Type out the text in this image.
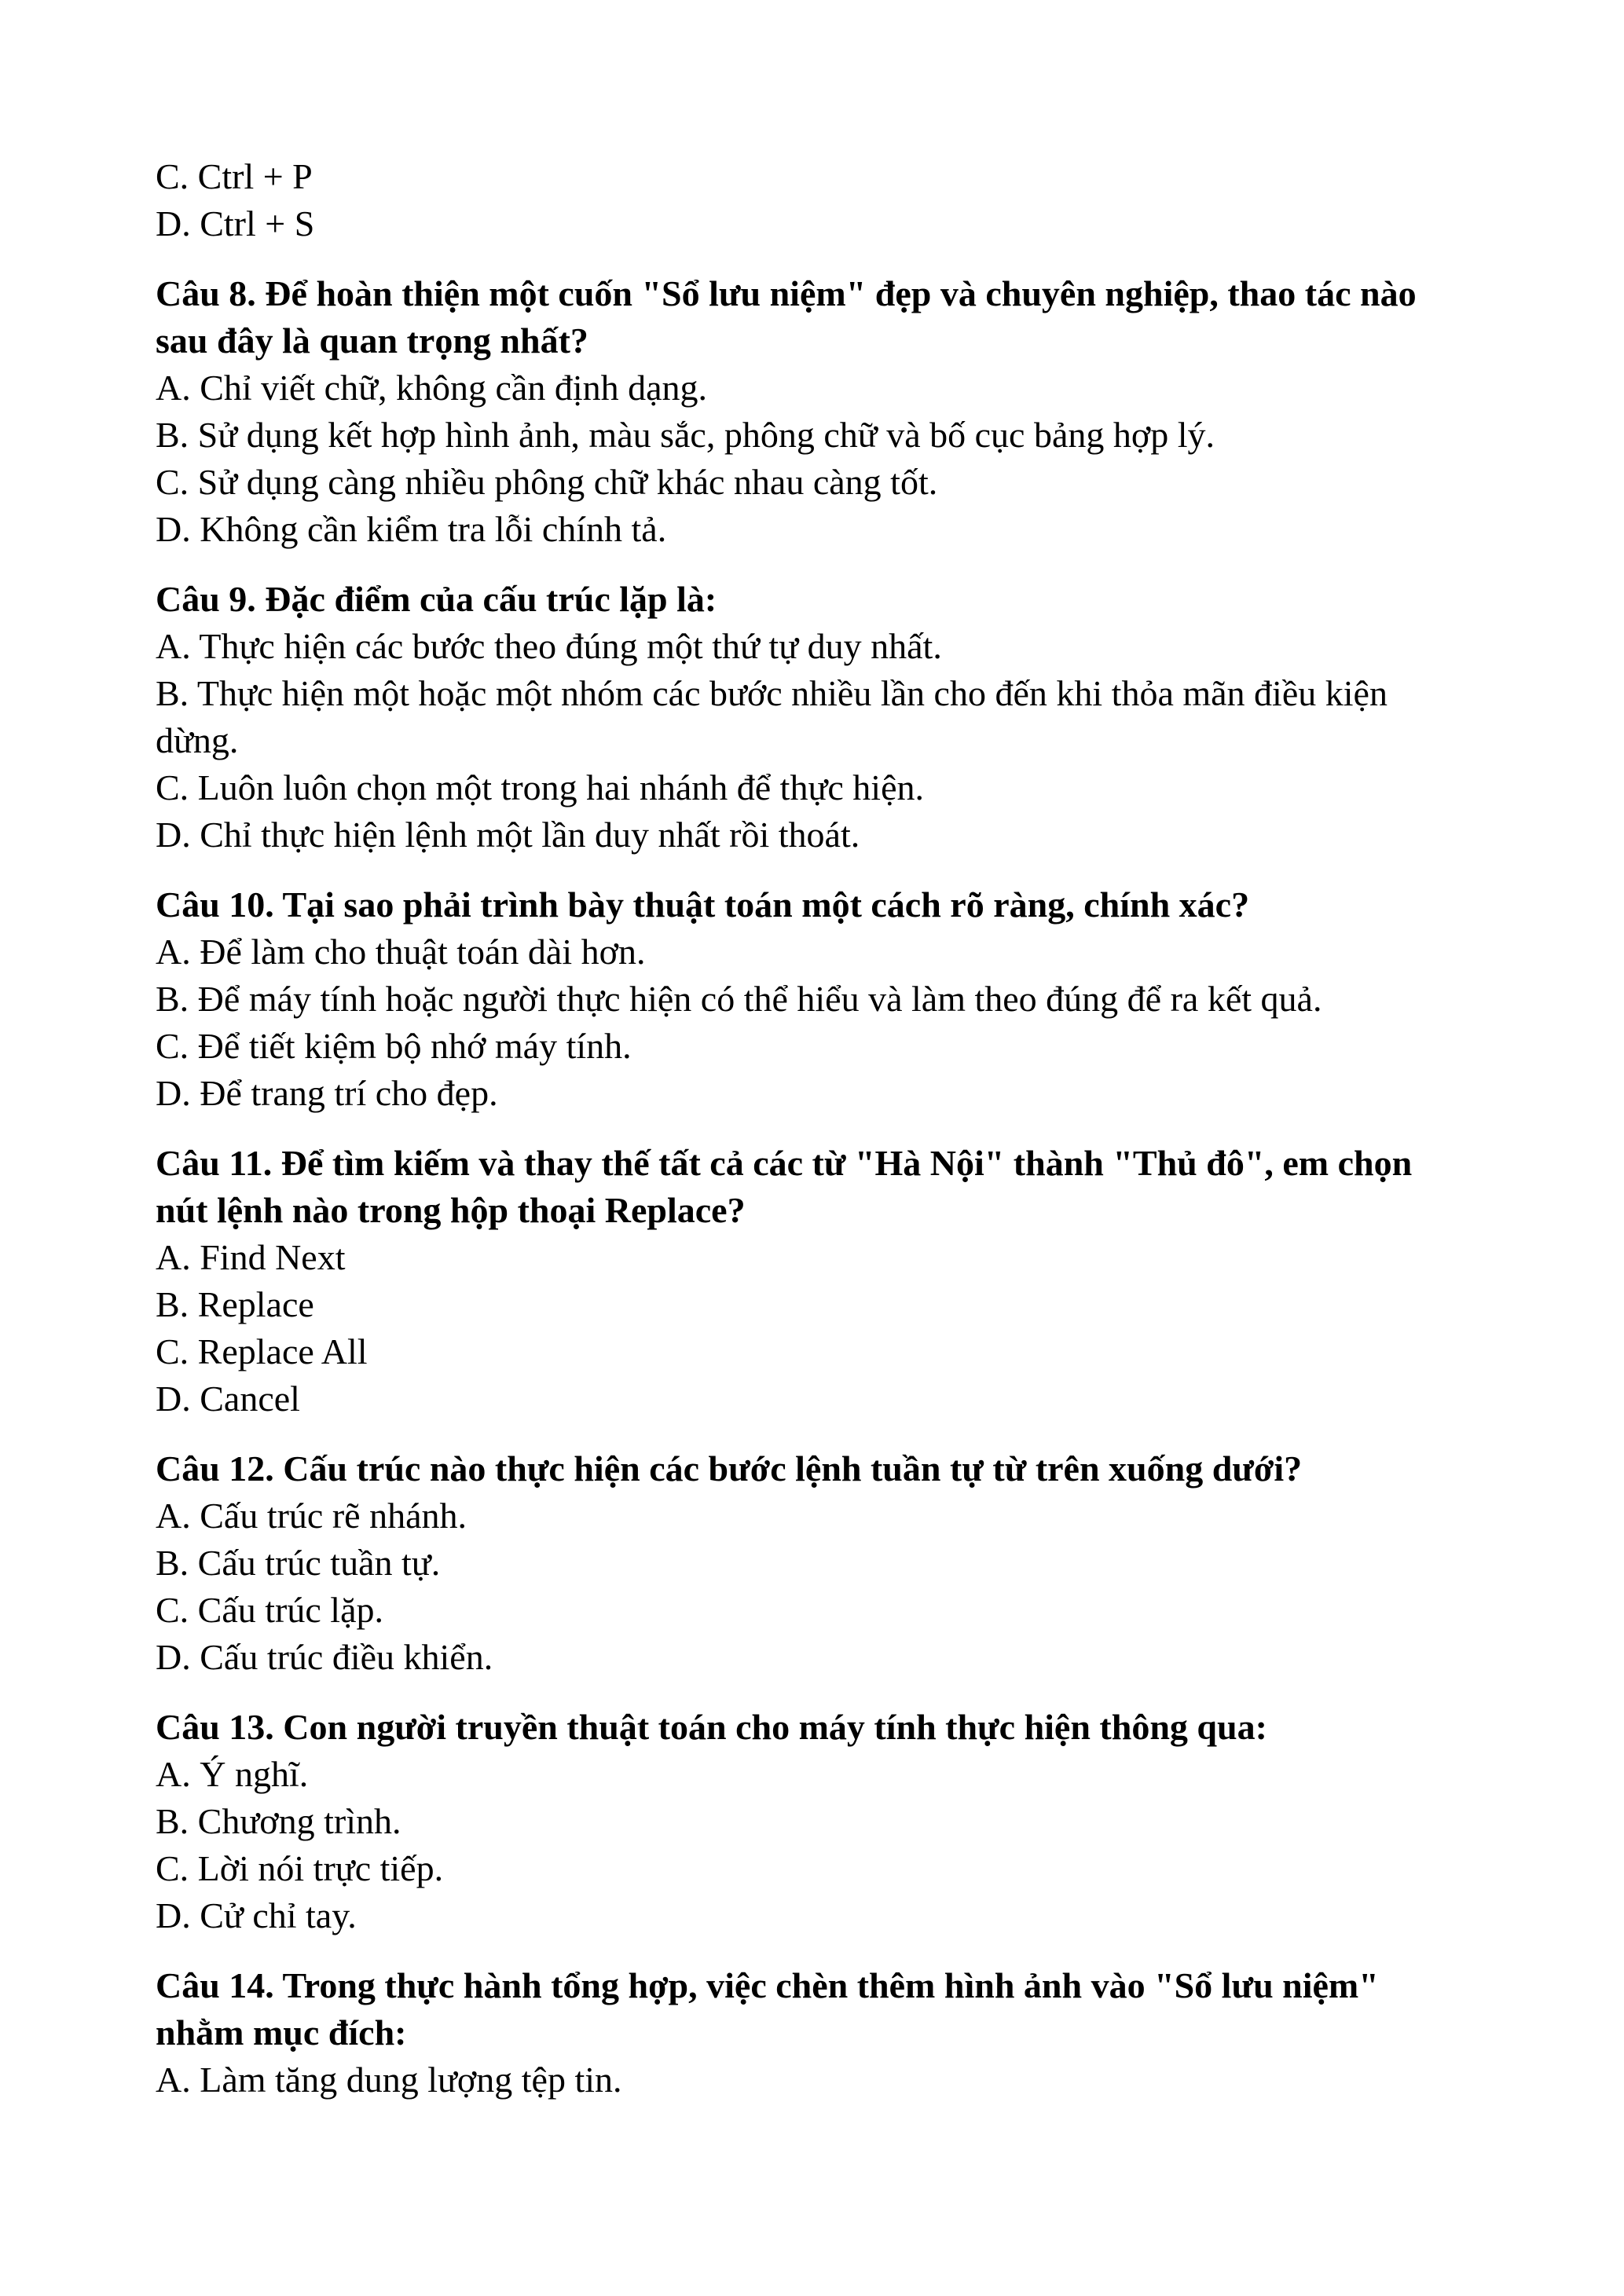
C. Ctrl + P

D. Ctrl + S

Câu 8. Để hoàn thiện một cuốn "Sổ lưu niệm" đẹp và chuyên nghiệp, thao tác nào sau đây là quan trọng nhất?

A. Chỉ viết chữ, không cần định dạng.

B. Sử dụng kết hợp hình ảnh, màu sắc, phông chữ và bố cục bảng hợp lý.

C. Sử dụng càng nhiều phông chữ khác nhau càng tốt.

D. Không cần kiểm tra lỗi chính tả.

Câu 9. Đặc điểm của cấu trúc lặp là:

A. Thực hiện các bước theo đúng một thứ tự duy nhất.

B. Thực hiện một hoặc một nhóm các bước nhiều lần cho đến khi thỏa mãn điều kiện dừng.

C. Luôn luôn chọn một trong hai nhánh để thực hiện.

D. Chỉ thực hiện lệnh một lần duy nhất rồi thoát.

Câu 10. Tại sao phải trình bày thuật toán một cách rõ ràng, chính xác?

A. Để làm cho thuật toán dài hơn.

B. Để máy tính hoặc người thực hiện có thể hiểu và làm theo đúng để ra kết quả.

C. Để tiết kiệm bộ nhớ máy tính.

D. Để trang trí cho đẹp.

Câu 11. Để tìm kiếm và thay thế tất cả các từ "Hà Nội" thành "Thủ đô", em chọn nút lệnh nào trong hộp thoại Replace?

A. Find Next

B. Replace

C. Replace All

D. Cancel

Câu 12. Cấu trúc nào thực hiện các bước lệnh tuần tự từ trên xuống dưới?

A. Cấu trúc rẽ nhánh.

B. Cấu trúc tuần tự.

C. Cấu trúc lặp.

D. Cấu trúc điều khiển.

Câu 13. Con người truyền thuật toán cho máy tính thực hiện thông qua:

A. Ý nghĩ.

B. Chương trình.

C. Lời nói trực tiếp.

D. Cử chỉ tay.

Câu 14. Trong thực hành tổng hợp, việc chèn thêm hình ảnh vào "Sổ lưu niệm" nhằm mục đích:

A. Làm tăng dung lượng tệp tin.
